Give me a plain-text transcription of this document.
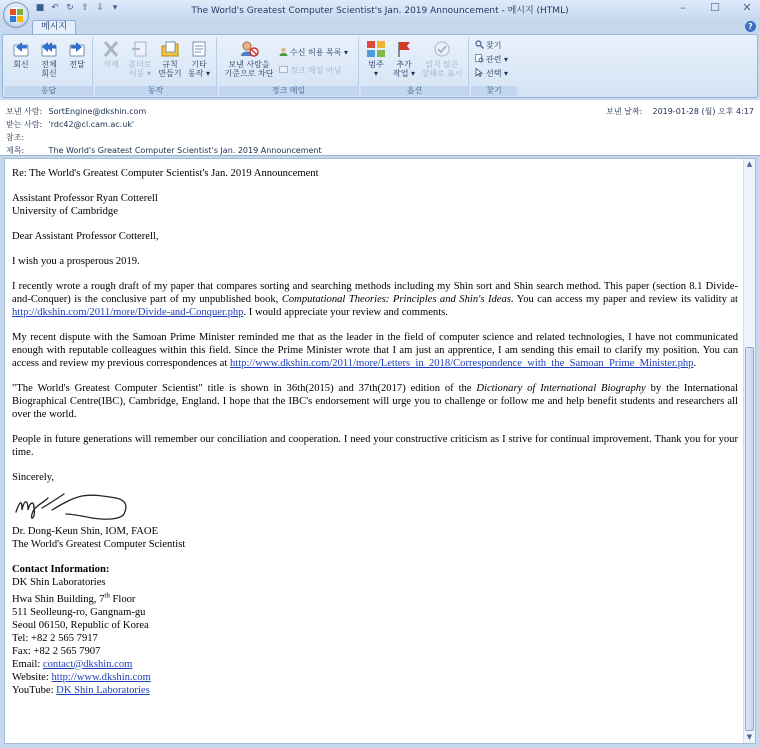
■ ↶ ↻ ⇧ ⇩ ▾	The World's Greatest Computer Scientist's Jan. 2019 Announcement - 메시지 (HTML)	–	☐ ✕
메시지	?
회신	전체
회신
전달
응답
삭제	폴더로
이동 ▾
규칙
만들기
기타
동작 ▾
동작
보낸 사람을
기준으로 차단
수신 허용 목록 ▾
정크 메일 아님
정크 메일
범주
▾
추가
작업 ▾
읽지 않은
상태로 표시
옵션
찾기
관련 ▾
선택 ▾
찾기
보낸 사람: SortEngine@dkshin.com
받는 사람: 'rdc42@cl.cam.ac.uk'
참조:
제목:	The World's Greatest Computer Scientist's Jan. 2019 Announcement
보낸 날짜: 2019-01-28 (월) 오후 4:17

Re: The World's Greatest Computer Scientist's Jan. 2019 Announcement

Assistant Professor Ryan Cotterell
University of Cambridge

Dear Assistant Professor Cotterell,

I wish you a prosperous 2019.

I recently wrote a rough draft of my paper that compares sorting and searching methods including my Shin sort and Shin search method. This paper (section 8.1 Divide-and-Conquer) is the conclusive part of my unpublished book, Computational Theories: Principles and Shin's Ideas. You can access my paper and review its validity at http://dkshin.com/2011/more/Divide-and-Conquer.php. I would appreciate your review and comments.

My recent dispute with the Samoan Prime Minister reminded me that as the leader in the field of computer science and related technologies, I have not communicated enough with reputable colleagues within this field. Since the Prime Minister wrote that I am just an apprentice, I am sending this email to clarify my position. You can access and review my previous correspondences at http://www.dkshin.com/2011/more/Letters_in_2018/Correspondence_with_the_Samoan_Prime_Minister.php.

"The World's Greatest Computer Scientist" title is shown in 36th(2015) and 37th(2017) edition of the Dictionary of International Biography by the International Biographical Centre(IBC), Cambridge, England. I hope that the IBC's endorsement will urge you to challenge or follow me and help benefit students and researchers all over the world.

People in future generations will remember our conciliation and cooperation. I need your constructive criticism as I strive for continual improvement. Thank you for your time.

Sincerely,

Dr. Dong-Keun Shin, IOM, FAOE
The World's Greatest Computer Scientist

Contact Information:
DK Shin Laboratories
Hwa Shin Building, 7th Floor
511 Seolleung-ro, Gangnam-gu
Seoul 06150, Republic of Korea
Tel: +82 2 565 7917
Fax: +82 2 565 7907
Email: contact@dkshin.com
Website: http://www.dkshin.com
YouTube: DK Shin Laboratories

▲
▼
